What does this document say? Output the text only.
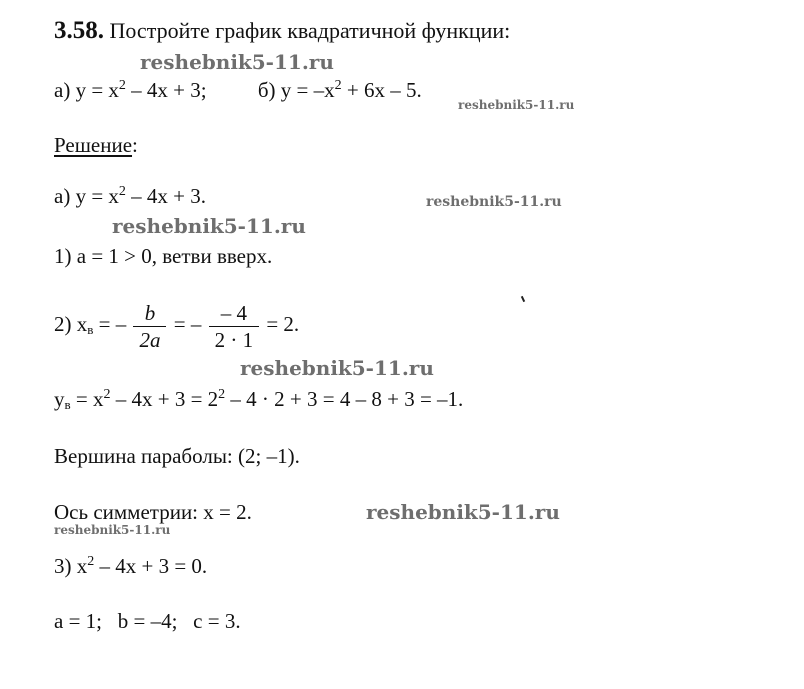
3.58. Постройте график квадратичной функции:
а) $y = x^2 - 4x + 3$; б) $y = -x^2 + 6x - 5$.
Решение:
а) $y = x^2 - 4x + 3$.
1) a = 1 > 0, ветви вверх.
2) $x_в$ = – $\frac{b}{2a}$ = – $\frac{- 4}{2 \cdot 1} = 2$.
$y_в = x^2 - 4x + 3 = 2^2 - 4 \cdot 2 + 3 = 4 - 8 + 3 = -1$.
Вершина параболы: (2; –1).
Ось симметрии: x = 2.
3) $x^2 - 4x + 3 = 0$.
a = 1;   b = –4;   c = 3.
reshebnik5-11.ru
reshebnik5-11.ru
reshebnik5-11.ru
reshebnik5-11.ru
reshebnik5-11.ru
reshebnik5-11.ru
reshebnik5-11.ru
